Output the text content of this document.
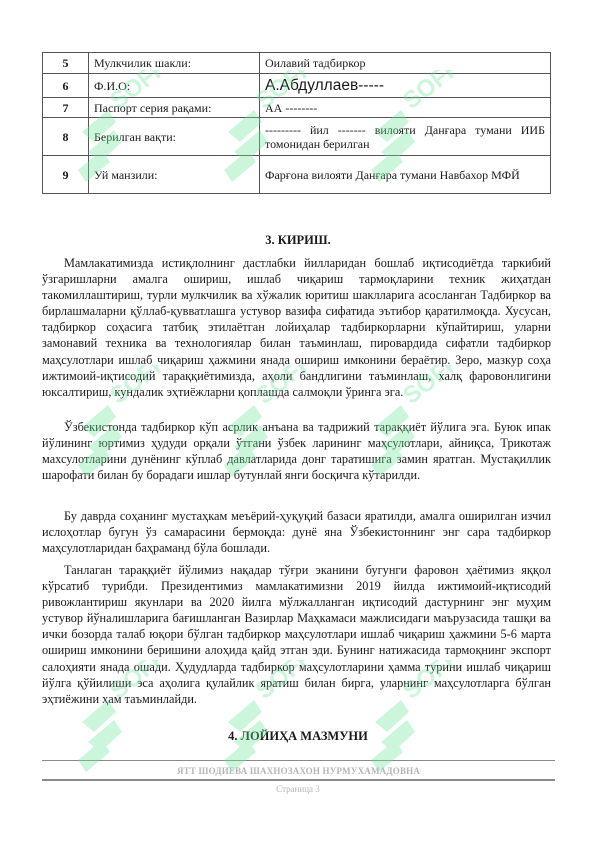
5	Мулкчилик шакли:	Оилавий тадбиркор
6	Ф.И.О:	А.Абдуллаев-----
7	Паспорт серия рақами:	АА --------
8	Берилган вақти:	--------- йил ------- вилояти Данғара тумани ИИБ томонидан берилган
9	Уй манзили:	Фарғона вилояти Данғара тумани Навбахор МФЙ
3. КИРИШ.

Мамлакатимизда истиқлолнинг дастлабки йилларидан бошлаб иқтисодиётда таркибий ўзгаришларни амалга ошириш, ишлаб чиқариш тармоқларини техник жиҳатдан такомиллаштириш, турли мулкчилик ва хўжалик юритиш шаклларига асосланган Тадбиркор ва бирлашмаларни қўллаб-қувватлашга устувор вазифа сифатида эътибор қаратилмоқда. Хусусан, тадбиркор соҳасига татбиқ этилаётган лойиҳалар тадбиркорларни кўпайтириш, уларни замонавий техника ва технологиялар билан таъминлаш, пировардида сифатли тадбиркор маҳсулотлари ишлаб чиқариш ҳажмини янада ошириш имконини бераётир. Зеро, мазкур соҳа ижтимоий-иқтисодий тараққиётимизда, аҳоли бандлигини таъминлаш, халқ фаровонлигини юксалтириш, кундалик эҳтиёжларни қоплашда салмоқли ўринга эга.

Ўзбекистонда тадбиркор кўп асрлик анъана ва тадрижий тараққиёт йўлига эга. Буюк ипак йўлининг юртимиз ҳудуди орқали ўтгани ўзбек ларининг маҳсулотлари, айниқса, Трикотаж махсулотларини дунёнинг кўплаб давлатларида донг таратишига замин яратган. Мустақиллик шарофати билан бу борадаги ишлар бутунлай янги босқичга кўтарилди.

Бу даврда соҳанинг мустаҳкам меъёрий-ҳуқуқий базаси яратилди, амалга оширилган изчил ислоҳотлар бугун ўз самарасини бермоқда: дунё яна Ўзбекистоннинг энг сара тадбиркор маҳсулотларидан баҳраманд бўла бошлади.

Танлаган тараққиёт йўлимиз нақадар тўғри эканини бугунги фаровон ҳаётимиз яққол кўрсатиб турибди. Президентимиз мамлакатимизни 2019 йилда ижтимоий-иқтисодий ривожлантириш якунлари ва 2020 йилга мўлжалланган иқтисодий дастурнинг энг муҳим устувор йўналишларига бағишланган Вазирлар Маҳкамаси мажлисидаги маърузасида ташқи ва ички бозорда талаб юқори бўлган тадбиркор маҳсулотлари ишлаб чиқариш ҳажмини 5-6 марта ошириш имконини беришини алоҳида қайд этган эди. Бунинг натижасида тармоқнинг экспорт салоҳияти янада ошади. Ҳудудларда тадбиркор маҳсулотларини ҳамма турини ишлаб чиқариш йўлга қўйилиши эса аҳолига қулайлик яратиш билан бирга, уларнинг маҳсулотларга бўлган эҳтиёжини ҳам таъминлайди.

4. ЛОЙИҲА МАЗМУНИ
ЯТТ ШОДИЕВА ШАХНОЗАХОН НУРМУХАМАДОВНА
Страница 3
SOFF	SOFF	SOFF
SOFF	SOFF	SOFF
SOFF	SOFF	SOFF
